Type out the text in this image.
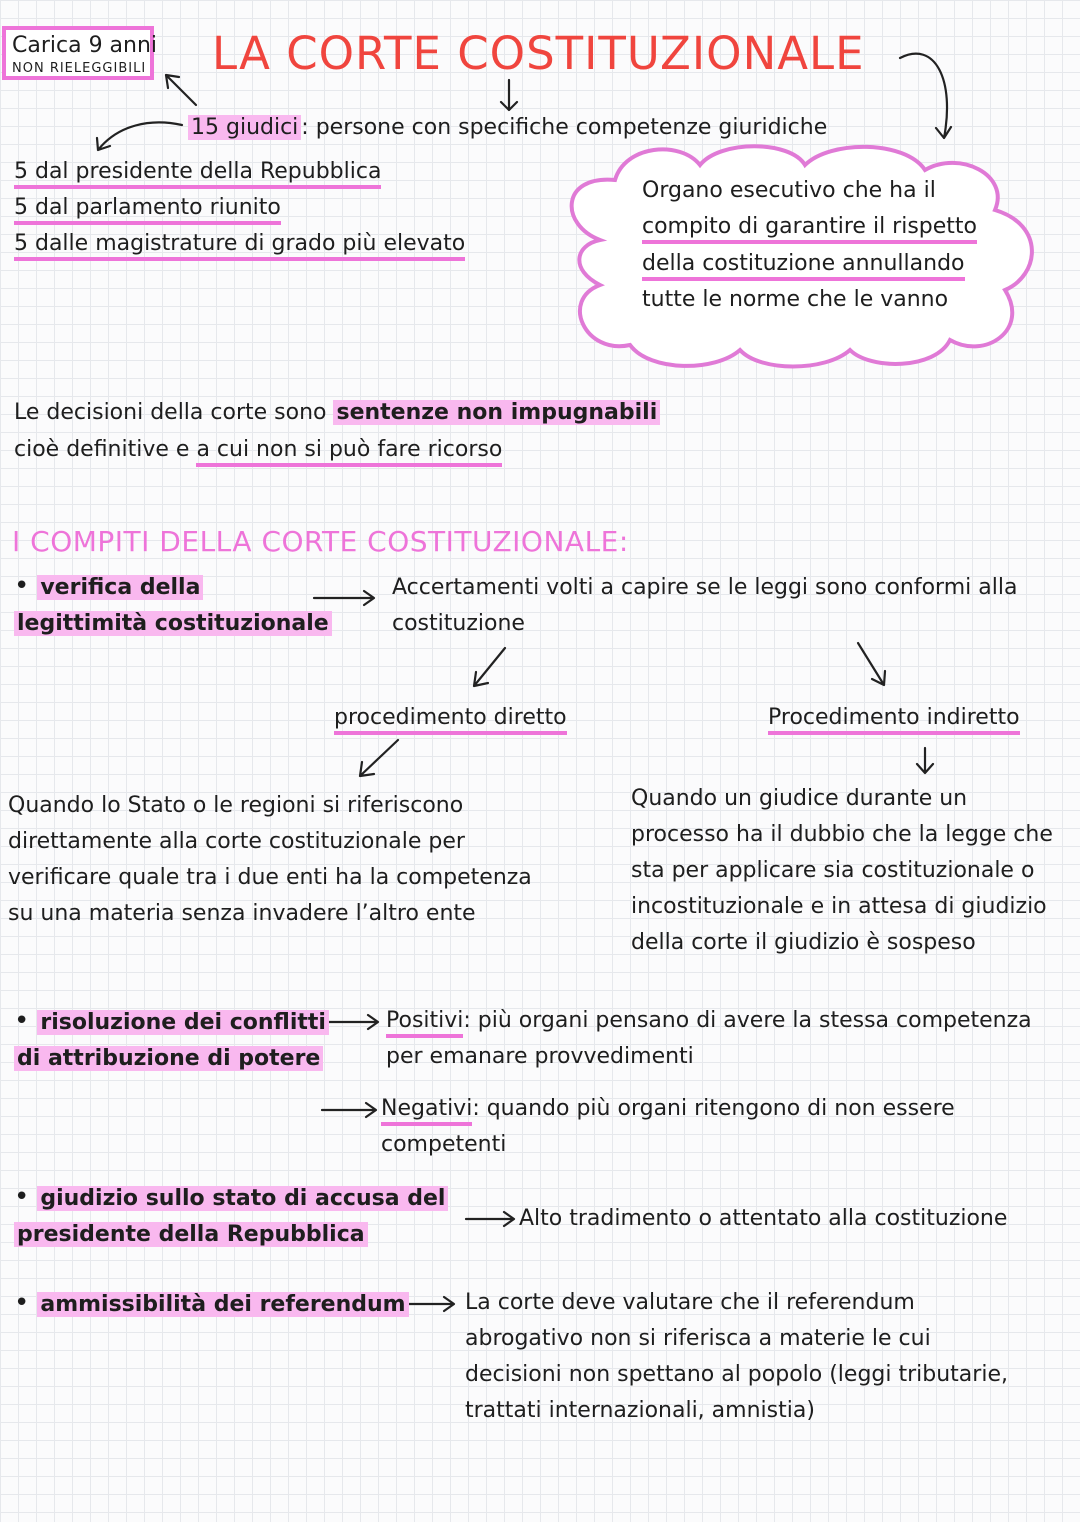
Carica 9 anni
NON RIELEGGIBILI LA CORTE COSTITUZIONALE
15 giudici : persone con specifiche competenze giuridiche
5 dal presidente della Repubblica
5 dal parlamento riunito
5 dalle magistrature di grado più elevato
Organo esecutivo che ha il
compito di garantire il rispetto
della costituzione annullando
tutte le norme che le vanno
Le decisioni della corte sono sentenze non impugnabili
cioè definitive e a cui non si può fare ricorso
I COMPITI DELLA CORTE COSTITUZIONALE:
• verifica della
legittimità costituzionale
Accertamenti volti a capire se le leggi sono conformi alla
costituzione
procedimento diretto	Procedimento indiretto
Quando lo Stato o le regioni si riferiscono
direttamente alla corte costituzionale per
verificare quale tra i due enti ha la competenza
su una materia senza invadere l’altro ente
Quando un giudice durante un
processo ha il dubbio che la legge che
sta per applicare sia costituzionale o
incostituzionale e in attesa di giudizio
della corte il giudizio è sospeso
• risoluzione dei conflitti
di attribuzione di potere
Positivi: più organi pensano di avere la stessa competenza
per emanare provvedimenti
Negativi: quando più organi ritengono di non essere
competenti
• giudizio sullo stato di accusa del
presidente della Repubblica
Alto tradimento o attentato alla costituzione
• ammissibilità dei referendum	La corte deve valutare che il referendum
abrogativo non si riferisca a materie le cui
decisioni non spettano al popolo (leggi tributarie,
trattati internazionali, amnistia)
